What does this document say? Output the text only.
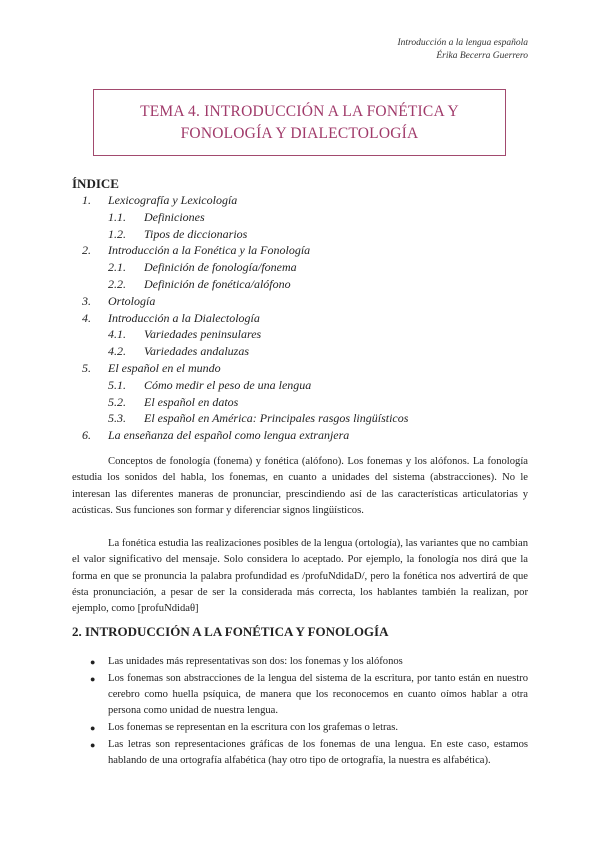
Introducción a la lengua española
Érika Becerra Guerrero
TEMA 4. INTRODUCCIÓN A LA FONÉTICA Y
FONOLOGÍA Y DIALECTOLOGÍA
ÍNDICE
1. Lexicografía y Lexicología
1.1. Definiciones
1.2. Tipos de diccionarios
2. Introducción a la Fonética y la Fonología
2.1. Definición de fonología/fonema
2.2. Definición de fonética/alófono
3. Ortología
4. Introducción a la Dialectología
4.1. Variedades peninsulares
4.2. Variedades andaluzas
5. El español en el mundo
5.1. Cómo medir el peso de una lengua
5.2. El español en datos
5.3. El español en América: Principales rasgos lingüísticos
6. La enseñanza del español como lengua extranjera
Conceptos de fonología (fonema) y fonética (alófono). Los fonemas y los alófonos. La fonología estudia los sonidos del habla, los fonemas, en cuanto a unidades del sistema (abstracciones). No le interesan las diferentes maneras de pronunciar, prescindiendo así de las características articulatorias y acústicas. Sus funciones son formar y diferenciar signos lingüísticos.
La fonética estudia las realizaciones posibles de la lengua (ortología), las variantes que no cambian el valor significativo del mensaje. Solo considera lo aceptado. Por ejemplo, la fonología nos dirá que la forma en que se pronuncia la palabra profundidad es /profuNdidaD/, pero la fonética nos advertirá de que ésta pronunciación, a pesar de ser la considerada más correcta, los hablantes también la realizan, por ejemplo, como [profuNdidaθ]
2. INTRODUCCIÓN A LA FONÉTICA Y FONOLOGÍA
● Las unidades más representativas son dos: los fonemas y los alófonos
● Los fonemas son abstracciones de la lengua del sistema de la escritura, por tanto están en nuestro cerebro como huella psíquica, de manera que los reconocemos en cuanto oímos hablar a otra persona como unidad de nuestra lengua.
● Los fonemas se representan en la escritura con los grafemas o letras.
● Las letras son representaciones gráficas de los fonemas de una lengua. En este caso, estamos hablando de una ortografía alfabética (hay otro tipo de ortografía, la nuestra es alfabética).
